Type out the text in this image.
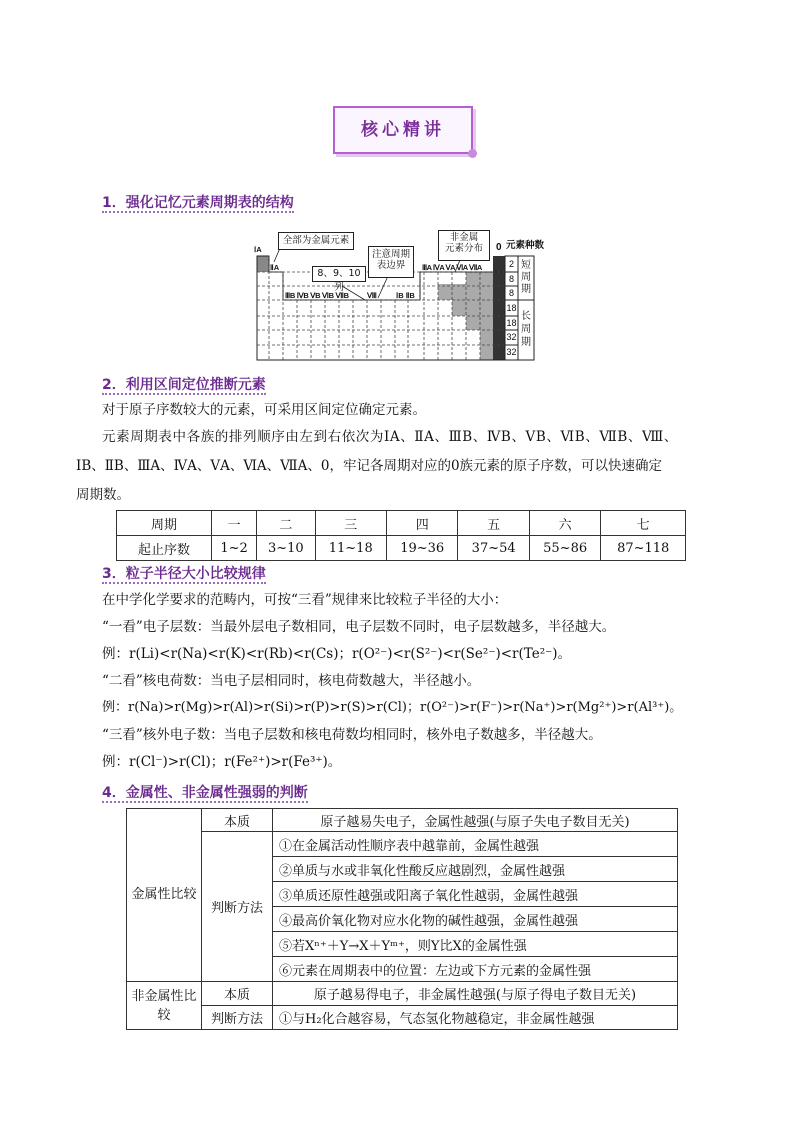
核心精讲
1．强化记忆元素周期表的结构
全部为金属元素
8、9、10列
注意周期
表边界
非金属
元素分布
ⅠA
ⅡA
ⅢB ⅣB ⅤB ⅥB ⅦB Ⅷ	ⅠB ⅡB
ⅢA ⅣA ⅤA ⅥA ⅦA
0 元素种数
2
8
8
18
18
32
32
短周期
长周期
2．利用区间定位推断元素
对于原子序数较大的元素，可采用区间定位确定元素。
元素周期表中各族的排列顺序由左到右依次为ⅠA、ⅡA、ⅢB、ⅣB、ⅤB、ⅥB、ⅦB、Ⅷ、
ⅠB、ⅡB、ⅢA、ⅣA、ⅤA、ⅥA、ⅦA、0，牢记各周期对应的0族元素的原子序数，可以快速确定
周期数。
周期	一	二	三	四	五	六	七
起止序数	1~2	3~10	11~18	19~36	37~54	55~86	87~118
3．粒子半径大小比较规律
在中学化学要求的范畴内，可按“三看”规律来比较粒子半径的大小：
“一看”电子层数：当最外层电子数相同，电子层数不同时，电子层数越多，半径越大。
例：r(Li)<r(Na)<r(K)<r(Rb)<r(Cs)；r(O²⁻)<r(S²⁻)<r(Se²⁻)<r(Te²⁻)。
“二看”核电荷数：当电子层相同时，核电荷数越大，半径越小。
例：r(Na)>r(Mg)>r(Al)>r(Si)>r(P)>r(S)>r(Cl)；r(O²⁻)>r(F⁻)>r(Na⁺)>r(Mg²⁺)>r(Al³⁺)。
“三看”核外电子数：当电子层数和核电荷数均相同时，核外电子数越多，半径越大。
例：r(Cl⁻)>r(Cl)；r(Fe²⁺)>r(Fe³⁺)。
4．金属性、非金属性强弱的判断
金属性比较	本质	原子越易失电子，金属性越强(与原子失电子数目无关)
	判断方法	①在金属活动性顺序表中越靠前，金属性越强
		②单质与水或非氧化性酸反应越剧烈，金属性越强
		③单质还原性越强或阳离子氧化性越弱，金属性越强
		④最高价氧化物对应水化物的碱性越强，金属性越强
		⑤若Xⁿ⁺＋Y→X＋Yᵐ⁺，则Y比X的金属性强
		⑥元素在周期表中的位置：左边或下方元素的金属性强
非金属性比较	本质	原子越易得电子，非金属性越强(与原子得电子数目无关)
	判断方法	①与H₂化合越容易，气态氢化物越稳定，非金属性越强
